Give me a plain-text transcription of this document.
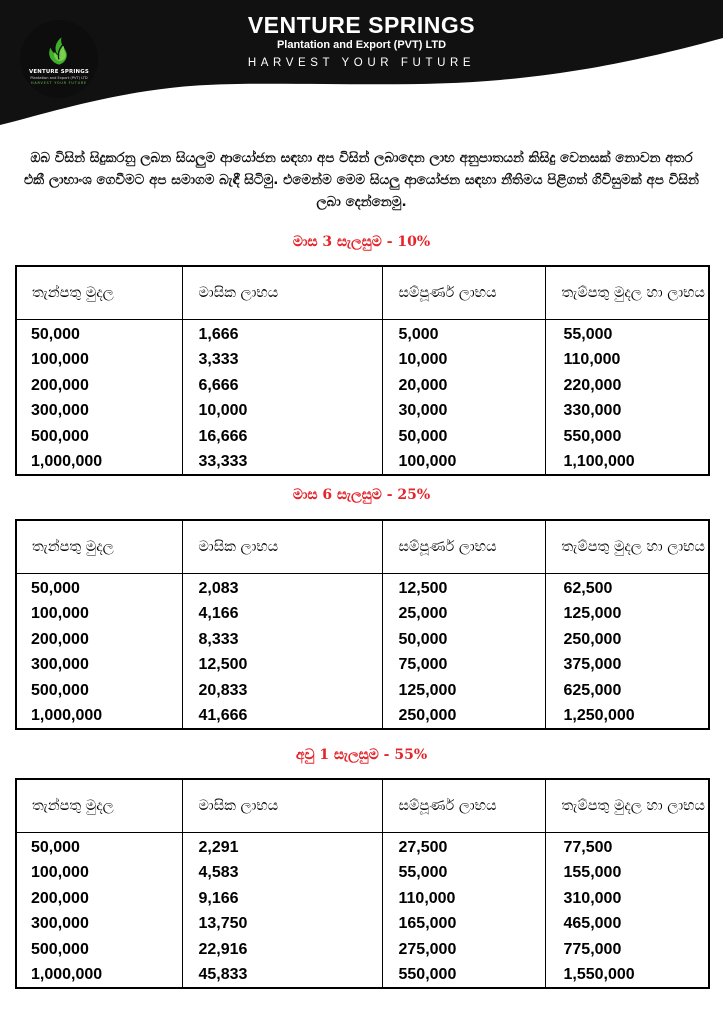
VENTURE SPRINGS
Plantation and Export (PVT) LTD
HARVEST YOUR FUTURE
VENTURE SPRINGS
Plantation and Export (PVT) LTD
HARVEST YOUR FUTURE

ඔබ විසින් සිදුකරනු ලබන සියලුම ආයෝජන සඳහා අප විසින් ලබාදෙන ලාභ අනුපාතයන් කිසිදු වෙනසක් නොවන අතර එකී ලාභාංශ ගෙවීමට අප සමාගම බැඳී සිටිමු. එමෙන්ම මෙම සියලු ආයෝජන සඳහා නීතිමය පිළිගත් ගිවිසුමක් අප විසින් ලබා දෙන්නෙමු.

මාස 3 සැලසුම - 10%
තැන්පතු මුදල	මාසික ලාභය	සම්පූර්ණ ලාභය	තැම්පතු මුදල හා ලාභය
50,000	1,666	5,000	55,000
100,000	3,333	10,000	110,000
200,000	6,666	20,000	220,000
300,000	10,000	30,000	330,000
500,000	16,666	50,000	550,000
1,000,000	33,333	100,000	1,100,000
මාස 6 සැලසුම - 25%
තැන්පතු මුදල	මාසික ලාභය	සම්පූර්ණ ලාභය	තැම්පතු මුදල හා ලාභය
50,000	2,083	12,500	62,500
100,000	4,166	25,000	125,000
200,000	8,333	50,000	250,000
300,000	12,500	75,000	375,000
500,000	20,833	125,000	625,000
1,000,000	41,666	250,000	1,250,000
අවු 1 සැලසුම - 55%
තැන්පතු මුදල	මාසික ලාභය	සම්පූර්ණ ලාභය	තැම්පතු මුදල හා ලාභය
50,000	2,291	27,500	77,500
100,000	4,583	55,000	155,000
200,000	9,166	110,000	310,000
300,000	13,750	165,000	465,000
500,000	22,916	275,000	775,000
1,000,000	45,833	550,000	1,550,000
